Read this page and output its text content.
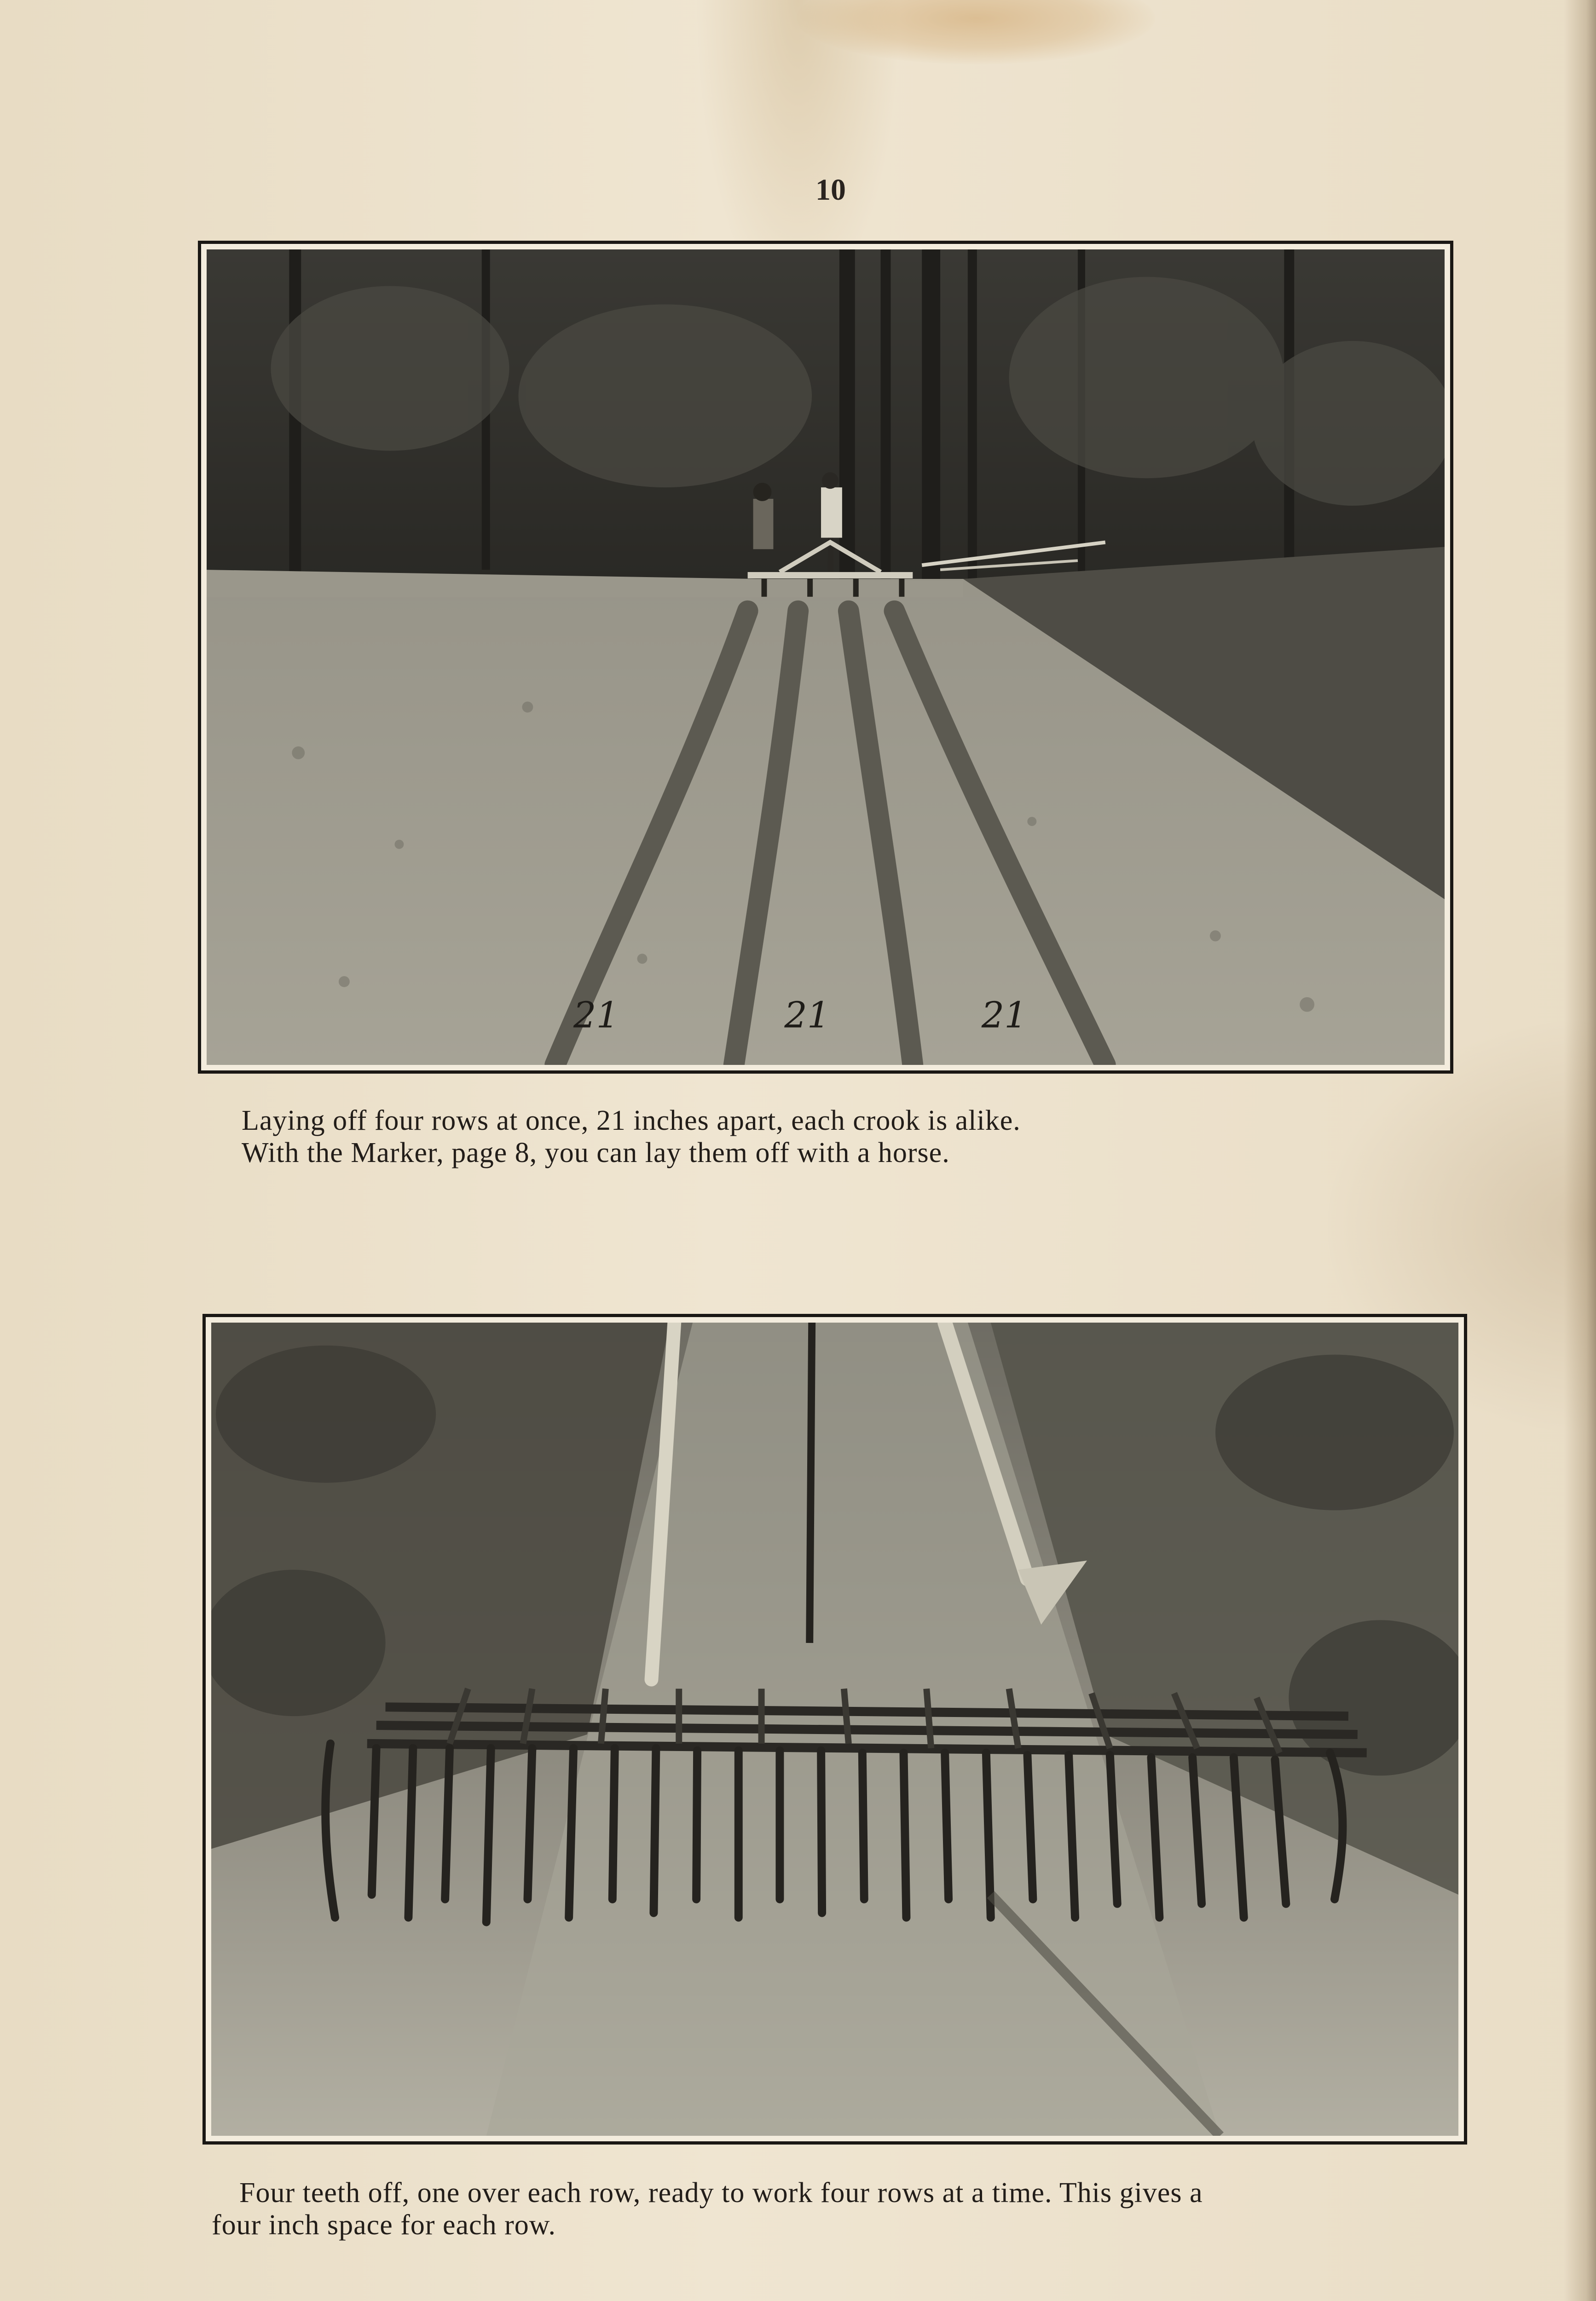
10
21	21	21
Laying off four rows at once, 21 inches apart, each crook is alike.
With the Marker, page 8, you can lay them off with a horse.
Four teeth off, one over each row, ready to work four rows at a time. This gives a
four inch space for each row.
